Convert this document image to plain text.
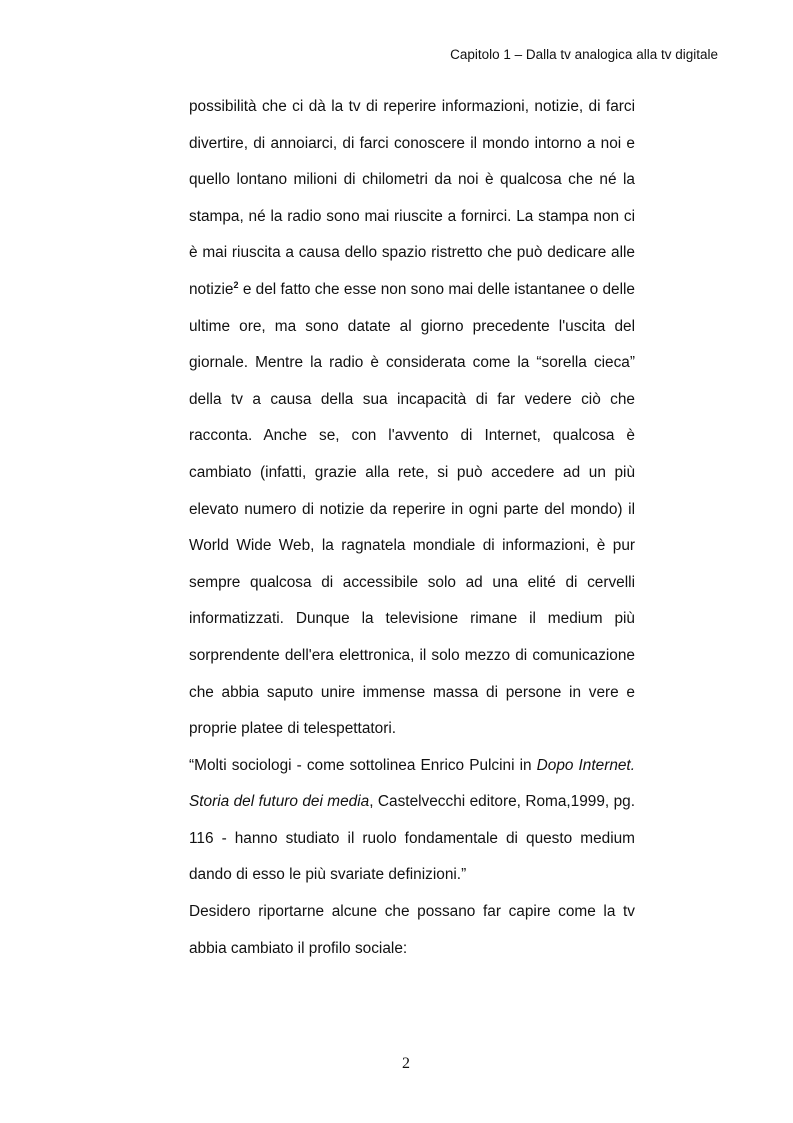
Capitolo 1 – Dalla tv analogica alla tv digitale

possibilità che ci dà la tv di reperire informazioni, notizie, di farci divertire, di annoiarci, di farci conoscere il mondo intorno a noi e quello lontano milioni di chilometri da noi è qualcosa che né la stampa, né la radio sono mai riuscite a fornirci. La stampa non ci è mai riuscita a causa dello spazio ristretto che può dedicare alle notizie$^2$ e del fatto che esse non sono mai delle istantanee o delle ultime ore, ma sono datate al giorno precedente l'uscita del giornale. Mentre la radio è considerata come la “sorella cieca” della tv a causa della sua incapacità di far vedere ciò che racconta. Anche se, con l'avvento di Internet, qualcosa è cambiato (infatti, grazie alla rete, si può accedere ad un più elevato numero di notizie da reperire in ogni parte del mondo) il World Wide Web, la ragnatela mondiale di informazioni, è pur sempre qualcosa di accessibile solo ad una elité di cervelli informatizzati. Dunque la televisione rimane il medium più sorprendente dell'era elettronica, il solo mezzo di comunicazione che abbia saputo unire immense massa di persone in vere e proprie platee di telespettatori.

“Molti sociologi - come sottolinea Enrico Pulcini in Dopo Internet. Storia del futuro dei media, Castelvecchi editore, Roma,1999, pg. 116 - hanno studiato il ruolo fondamentale di questo medium dando di esso le più svariate definizioni.”

Desidero riportarne alcune che possano far capire come la tv abbia cambiato il profilo sociale:

2
